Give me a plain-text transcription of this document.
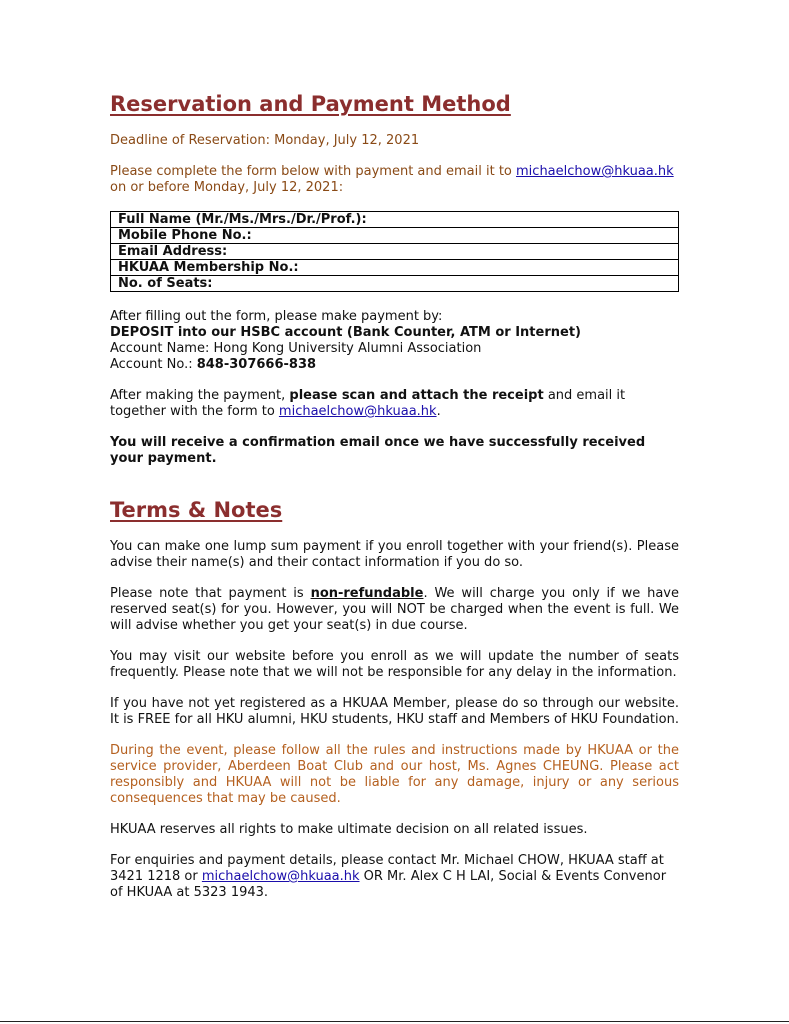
Reservation and Payment Method

Deadline of Reservation: Monday, July 12, 2021

Please complete the form below with payment and email it to michaelchow@hkuaa.hk
on or before Monday, July 12, 2021:

Full Name (Mr./Ms./Mrs./Dr./Prof.):
Mobile Phone No.:
Email Address:
HKUAA Membership No.:
No. of Seats:

After filling out the form, please make payment by:
DEPOSIT into our HSBC account (Bank Counter, ATM or Internet)
Account Name: Hong Kong University Alumni Association
Account No.: 848-307666-838

After making the payment, please scan and attach the receipt and email it together with the form to michaelchow@hkuaa.hk.

You will receive a confirmation email once we have successfully received your payment.

Terms & Notes

You can make one lump sum payment if you enroll together with your friend(s). Please advise their name(s) and their contact information if you do so.

Please note that payment is non-refundable. We will charge you only if we have reserved seat(s) for you. However, you will NOT be charged when the event is full. We will advise whether you get your seat(s) in due course.

You may visit our website before you enroll as we will update the number of seats frequently. Please note that we will not be responsible for any delay in the information.

If you have not yet registered as a HKUAA Member, please do so through our website. It is FREE for all HKU alumni, HKU students, HKU staff and Members of HKU Foundation.

During the event, please follow all the rules and instructions made by HKUAA or the service provider, Aberdeen Boat Club and our host, Ms. Agnes CHEUNG. Please act responsibly and HKUAA will not be liable for any damage, injury or any serious consequences that may be caused.

HKUAA reserves all rights to make ultimate decision on all related issues.

For enquiries and payment details, please contact Mr. Michael CHOW, HKUAA staff at 3421 1218 or michaelchow@hkuaa.hk OR Mr. Alex C H LAI, Social & Events Convenor of HKUAA at 5323 1943.
